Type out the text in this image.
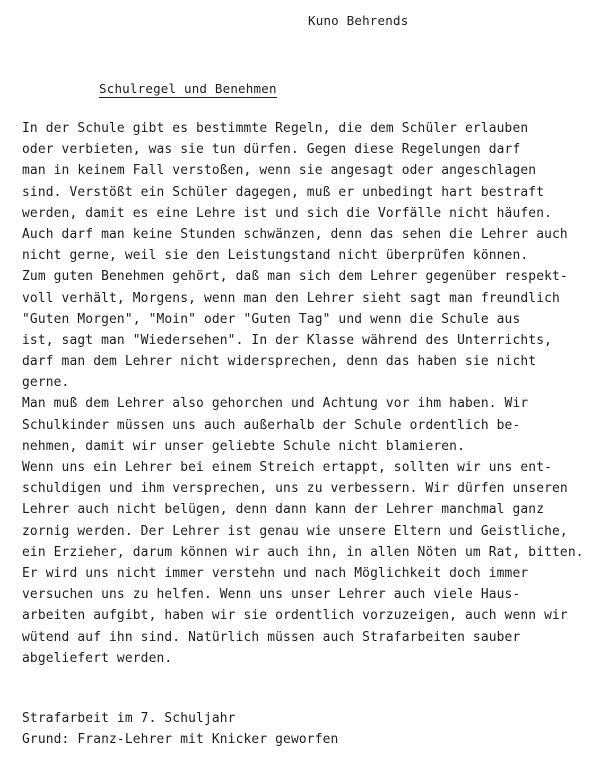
Kuno Behrends
Schulregel und Benehmen
In der Schule gibt es bestimmte Regeln, die dem Schüler erlauben
oder verbieten, was sie tun dürfen. Gegen diese Regelungen darf
man in keinem Fall verstoßen, wenn sie angesagt oder angeschlagen
sind. Verstößt ein Schüler dagegen, muß er unbedingt hart bestraft
werden, damit es eine Lehre ist und sich die Vorfälle nicht häufen.
Auch darf man keine Stunden schwänzen, denn das sehen die Lehrer auch
nicht gerne, weil sie den Leistungstand nicht überprüfen können.
Zum guten Benehmen gehört, daß man sich dem Lehrer gegenüber respekt-
voll verhält, Morgens, wenn man den Lehrer sieht sagt man freundlich
"Guten Morgen", "Moin" oder "Guten Tag" und wenn die Schule aus
ist, sagt man "Wiedersehen". In der Klasse während des Unterrichts,
darf man dem Lehrer nicht widersprechen, denn das haben sie nicht
gerne.
Man muß dem Lehrer also gehorchen und Achtung vor ihm haben. Wir
Schulkinder müssen uns auch außerhalb der Schule ordentlich be-
nehmen, damit wir unser geliebte Schule nicht blamieren.
Wenn uns ein Lehrer bei einem Streich ertappt, sollten wir uns ent-
schuldigen und ihm versprechen, uns zu verbessern. Wir dürfen unseren
Lehrer auch nicht belügen, denn dann kann der Lehrer manchmal ganz
zornig werden. Der Lehrer ist genau wie unsere Eltern und Geistliche,
ein Erzieher, darum können wir auch ihn, in allen Nöten um Rat, bitten.
Er wird uns nicht immer verstehn und nach Möglichkeit doch immer
versuchen uns zu helfen. Wenn uns unser Lehrer auch viele Haus-
arbeiten aufgibt, haben wir sie ordentlich vorzuzeigen, auch wenn wir
wütend auf ihn sind. Natürlich müssen auch Strafarbeiten sauber
abgeliefert werden.
Strafarbeit im 7. Schuljahr
Grund: Franz-Lehrer mit Knicker geworfen
